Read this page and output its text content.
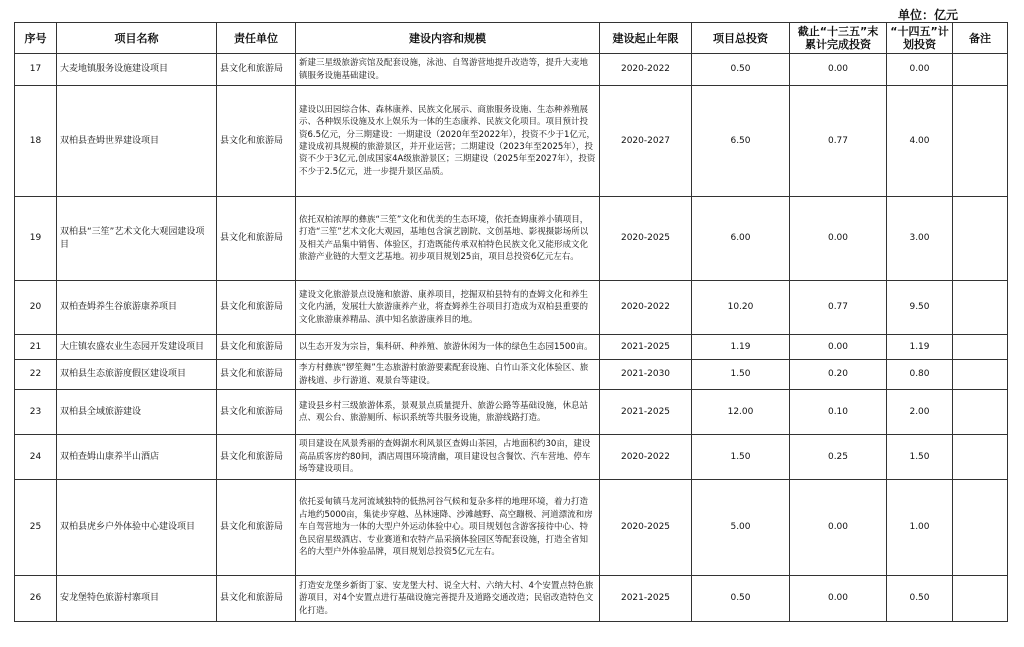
单位：亿元
序号	项目名称	责任单位	建设内容和规模	建设起止年限	项目总投资	截止“十三五”末累计完成投资	“十四五”计划投资	备注
17	大麦地镇服务设施建设项目	县文化和旅游局	新建三星级旅游宾馆及配套设施，泳池、自驾游营地提升改造等，提升大麦地镇服务设施基础建设。	2020-2022	0.50	0.00	0.00	
18	双柏县查姆世界建设项目	县文化和旅游局	建设以田园综合体、森林康养、民族文化展示、商旅服务设施、生态种养殖展示、各种娱乐设施及水上娱乐为一体的生态康养、民族文化项目。项目预计投资6.5亿元，分三期建设：一期建设（2020年至2022年），投资不少于1亿元，建设成初具规模的旅游景区，并开业运营；二期建设（2023年至2025年），投资不少于3亿元,创成国家4A级旅游景区；三期建设（2025年至2027年），投资不少于2.5亿元，进一步提升景区品质。	2020-2027	6.50	0.77	4.00	
19	双柏县“三笙”艺术文化大观园建设项目	县文化和旅游局	依托双柏浓厚的彝族“三笙”文化和优美的生态环境，依托查姆康养小镇项目，打造“三笙”艺术文化大观园，基地包含演艺剧院、文创基地、影视摄影场所以及相关产品集中销售、体验区，打造既能传承双柏特色民族文化又能形成文化旅游产业链的大型文艺基地。初步项目规划25亩，项目总投资6亿元左右。	2020-2025	6.00	0.00	3.00	
20	双柏查姆养生谷旅游康养项目	县文化和旅游局	建设文化旅游景点设施和旅游、康养项目，挖掘双柏县特有的查姆文化和养生文化内涵，发展壮大旅游康养产业，将查姆养生谷项目打造成为双柏县重要的文化旅游康养精品、滇中知名旅游康养目的地。	2020-2022	10.20	0.77	9.50	
21	大庄镇农盛农业生态园开发建设项目	县文化和旅游局	以生态开发为宗旨，集科研、种养殖、旅游休闲为一体的绿色生态园1500亩。	2021-2025	1.19	0.00	1.19	
22	双柏县生态旅游度假区建设项目	县文化和旅游局	李方村彝族“锣笙舞”生态旅游村旅游要素配套设施、白竹山茶文化体验区、旅游栈道、步行游道、观景台等建设。	2021-2030	1.50	0.20	0.80	
23	双柏县全域旅游建设	县文化和旅游局	建设县乡村三级旅游体系，景观景点质量提升、旅游公路等基础设施，休息站点、观公台、旅游厕所、标识系统等共服务设施，旅游线路打造。	2021-2025	12.00	0.10	2.00	
24	双柏查姆山康养半山酒店	县文化和旅游局	项目建设在风景秀丽的查姆湖水利风景区查姆山茶园，占地面积约30亩，建设高品质客房约80间，酒店周围环境清幽，项目建设包含餐饮、汽车营地、停车场等建设项目。	2020-2022	1.50	0.25	1.50	
25	双柏县虎乡户外体验中心建设项目	县文化和旅游局	依托妥甸镇马龙河流域独特的低热河谷气候和复杂多样的地理环境，着力打造占地约5000亩，集徒步穿越、丛林速降、沙滩越野、高空蹦极、河道漂流和房车自驾营地为一体的大型户外运动体验中心。项目规划包含游客接待中心、特色民宿星级酒店、专业赛道和农特产品采摘体验园区等配套设施，打造全省知名的大型户外体验品牌，项目规划总投资5亿元左右。	2020-2025	5.00	0.00	1.00	
26	安龙堡特色旅游村寨项目	县文化和旅游局	打造安龙堡乡新街丁家、安龙堡大村、说全大村、六纳大村、4个安置点特色旅游项目，对4个安置点进行基础设施完善提升及道路交通改造；民宿改造特色文化打造。	2021-2025	0.50	0.00	0.50	
